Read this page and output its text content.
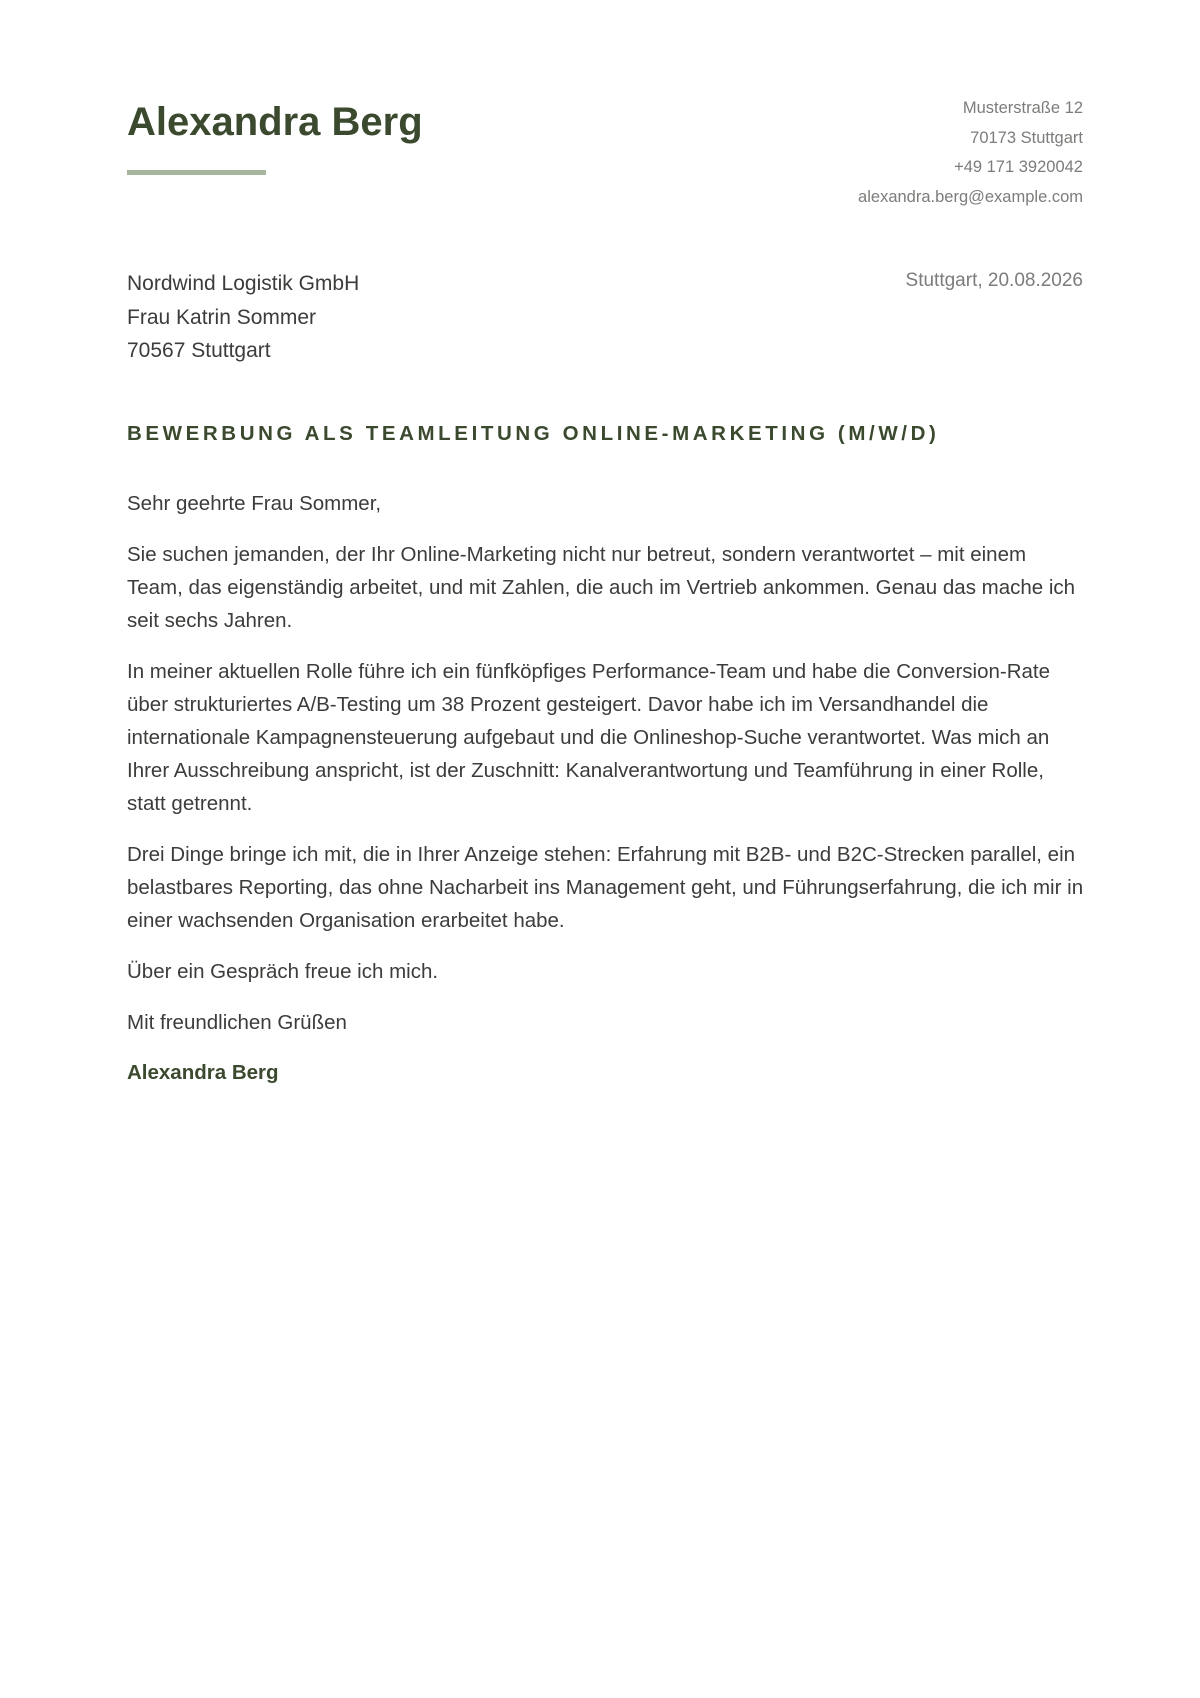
Alexandra Berg	Musterstraße 12
70173 Stuttgart
+49 171 3920042
alexandra.berg@example.com
Nordwind Logistik GmbH
Frau Katrin Sommer
70567 Stuttgart
Stuttgart, 20.08.2026
BEWERBUNG ALS TEAMLEITUNG ONLINE-MARKETING (M/W/D)

Sehr geehrte Frau Sommer,

Sie suchen jemanden, der Ihr Online-Marketing nicht nur betreut, sondern verantwortet – mit einem Team, das eigenständig arbeitet, und mit Zahlen, die auch im Vertrieb ankommen. Genau das mache ich seit sechs Jahren.

In meiner aktuellen Rolle führe ich ein fünfköpfiges Performance-Team und habe die Conversion-Rate über strukturiertes A/B-Testing um 38 Prozent gesteigert. Davor habe ich im Versandhandel die internationale Kampagnensteuerung aufgebaut und die Onlineshop-Suche verantwortet. Was mich an Ihrer Ausschreibung anspricht, ist der Zuschnitt: Kanalverantwortung und Teamführung in einer Rolle, statt getrennt.

Drei Dinge bringe ich mit, die in Ihrer Anzeige stehen: Erfahrung mit B2B- und B2C-Strecken parallel, ein belastbares Reporting, das ohne Nacharbeit ins Management geht, und Führungserfahrung, die ich mir in einer wachsenden Organisation erarbeitet habe.

Über ein Gespräch freue ich mich.

Mit freundlichen Grüßen

Alexandra Berg
